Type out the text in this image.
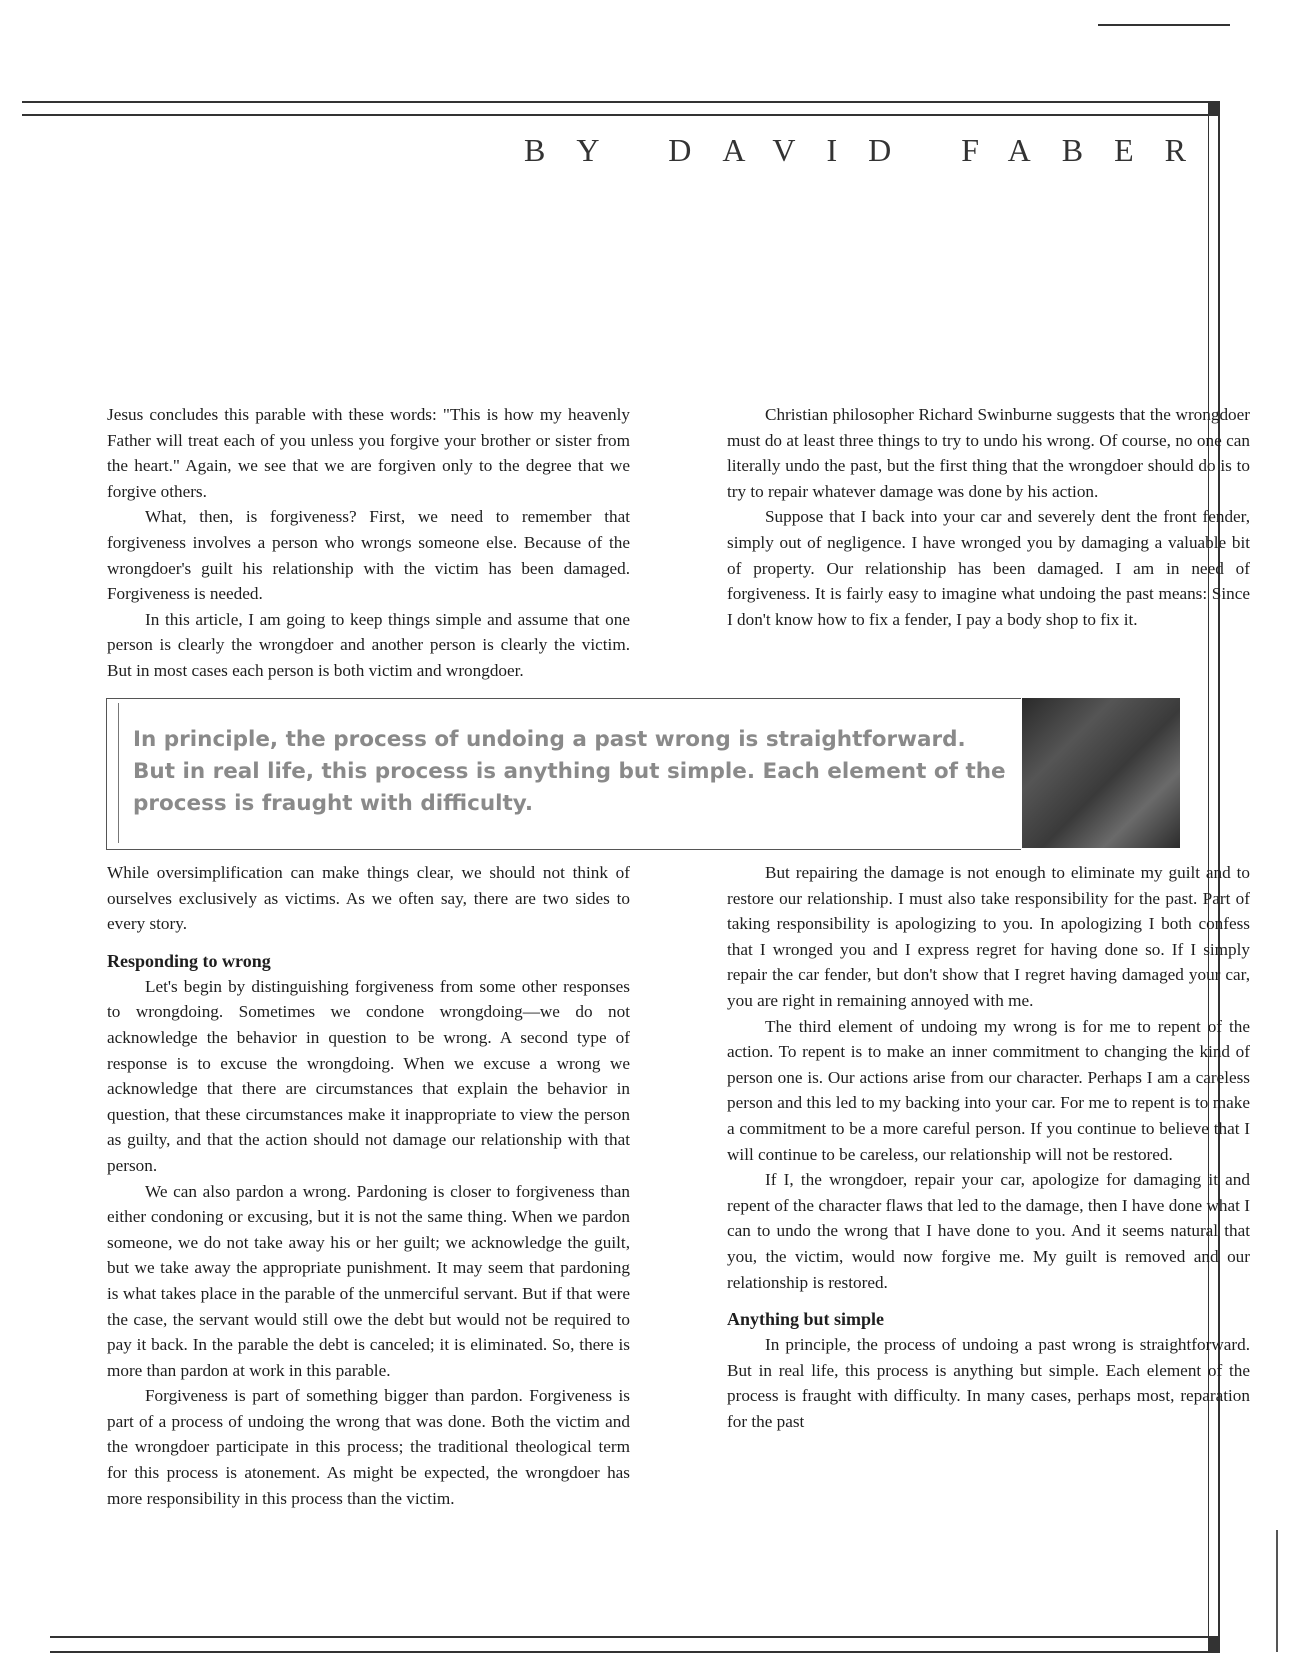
BY DAVID FABER

Jesus concludes this parable with these words: "This is how my heavenly Father will treat each of you unless you forgive your brother or sister from the heart." Again, we see that we are forgiven only to the degree that we forgive others.

What, then, is forgiveness? First, we need to remember that forgiveness involves a person who wrongs someone else. Because of the wrongdoer's guilt his relationship with the victim has been damaged. Forgiveness is needed.

In this article, I am going to keep things simple and assume that one person is clearly the wrongdoer and another person is clearly the victim. But in most cases each person is both victim and wrongdoer.

Christian philosopher Richard Swinburne suggests that the wrongdoer must do at least three things to try to undo his wrong. Of course, no one can literally undo the past, but the first thing that the wrongdoer should do is to try to repair whatever damage was done by his action.

Suppose that I back into your car and severely dent the front fender, simply out of negligence. I have wronged you by damaging a valuable bit of property. Our relationship has been damaged. I am in need of forgiveness. It is fairly easy to imagine what undoing the past means: Since I don't know how to fix a fender, I pay a body shop to fix it.

In principle, the process of undoing a past wrong is straightforward. But in real life, this process is anything but simple. Each element of the process is fraught with difficulty.

While oversimplification can make things clear, we should not think of ourselves exclusively as victims. As we often say, there are two sides to every story.

Responding to wrong

Let's begin by distinguishing forgiveness from some other responses to wrongdoing. Sometimes we condone wrongdoing—we do not acknowledge the behavior in question to be wrong. A second type of response is to excuse the wrongdoing. When we excuse a wrong we acknowledge that there are circumstances that explain the behavior in question, that these circumstances make it inappropriate to view the person as guilty, and that the action should not damage our relationship with that person.

We can also pardon a wrong. Pardoning is closer to forgiveness than either condoning or excusing, but it is not the same thing. When we pardon someone, we do not take away his or her guilt; we acknowledge the guilt, but we take away the appropriate punishment. It may seem that pardoning is what takes place in the parable of the unmerciful servant. But if that were the case, the servant would still owe the debt but would not be required to pay it back. In the parable the debt is canceled; it is eliminated. So, there is more than pardon at work in this parable.

Forgiveness is part of something bigger than pardon. Forgiveness is part of a process of undoing the wrong that was done. Both the victim and the wrongdoer participate in this process; the traditional theological term for this process is atonement. As might be expected, the wrongdoer has more responsibility in this process than the victim.

But repairing the damage is not enough to eliminate my guilt and to restore our relationship. I must also take responsibility for the past. Part of taking responsibility is apologizing to you. In apologizing I both confess that I wronged you and I express regret for having done so. If I simply repair the car fender, but don't show that I regret having damaged your car, you are right in remaining annoyed with me.

The third element of undoing my wrong is for me to repent of the action. To repent is to make an inner commitment to changing the kind of person one is. Our actions arise from our character. Perhaps I am a careless person and this led to my backing into your car. For me to repent is to make a commitment to be a more careful person. If you continue to believe that I will continue to be careless, our relationship will not be restored.

If I, the wrongdoer, repair your car, apologize for damaging it and repent of the character flaws that led to the damage, then I have done what I can to undo the wrong that I have done to you. And it seems natural that you, the victim, would now forgive me. My guilt is removed and our relationship is restored.

Anything but simple

In principle, the process of undoing a past wrong is straightforward. But in real life, this process is anything but simple. Each element of the process is fraught with difficulty. In many cases, perhaps most, reparation for the past
